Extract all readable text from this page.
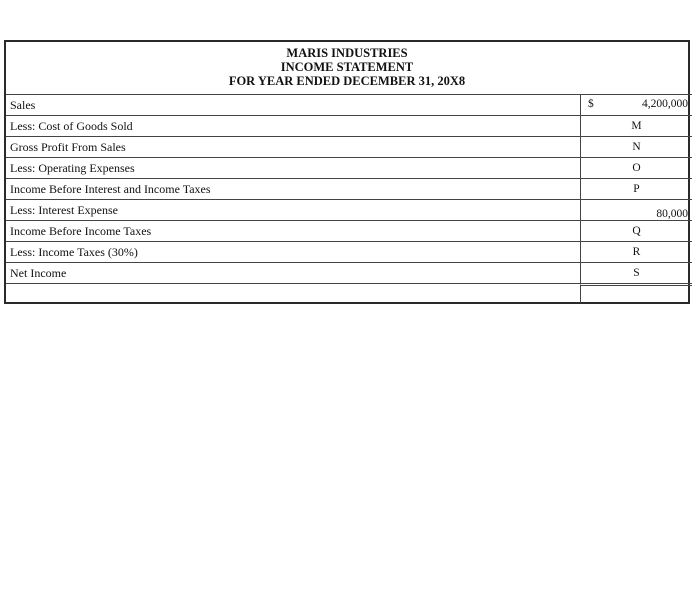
MARIS INDUSTRIES
INCOME STATEMENT
FOR YEAR ENDED DECEMBER 31, 20X8
Sales	$	4,200,000
Less: Cost of Goods Sold	M
Gross Profit From Sales	N
Less: Operating Expenses	O
Income Before Interest and Income Taxes	P
Less: Interest Expense	80,000
Income Before Income Taxes	Q
Less: Income Taxes (30%)	R
Net Income	S
